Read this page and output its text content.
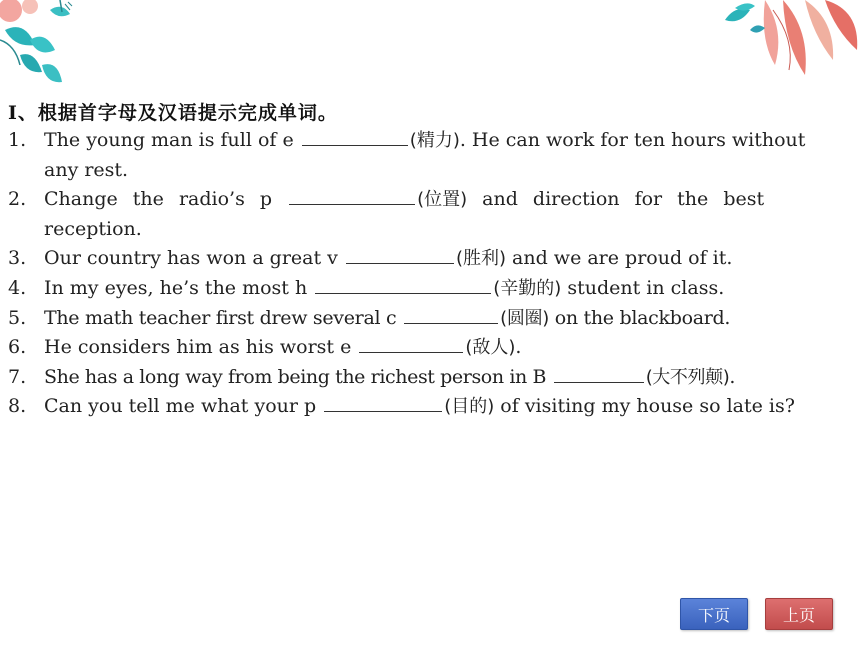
Ⅰ、根据首字母及汉语提示完成单词。
1. The young man is full of e	(精力). He can work for ten hours without any rest.
2. Change the radio’s p	(位置) and direction for the best reception.
3. Our country has won a great v	(胜利) and we are proud of it.
4. In my eyes, he’s the most h	(辛勤的) student in class.
5. The math teacher first drew several c	(圆圈) on the blackboard.
6. He considers him as his worst e	(敌人).
7. She has a long way from being the richest person in B	(大不列颠).
8. Can you tell me what your p	(目的) of visiting my house so late is?
下页	上页
